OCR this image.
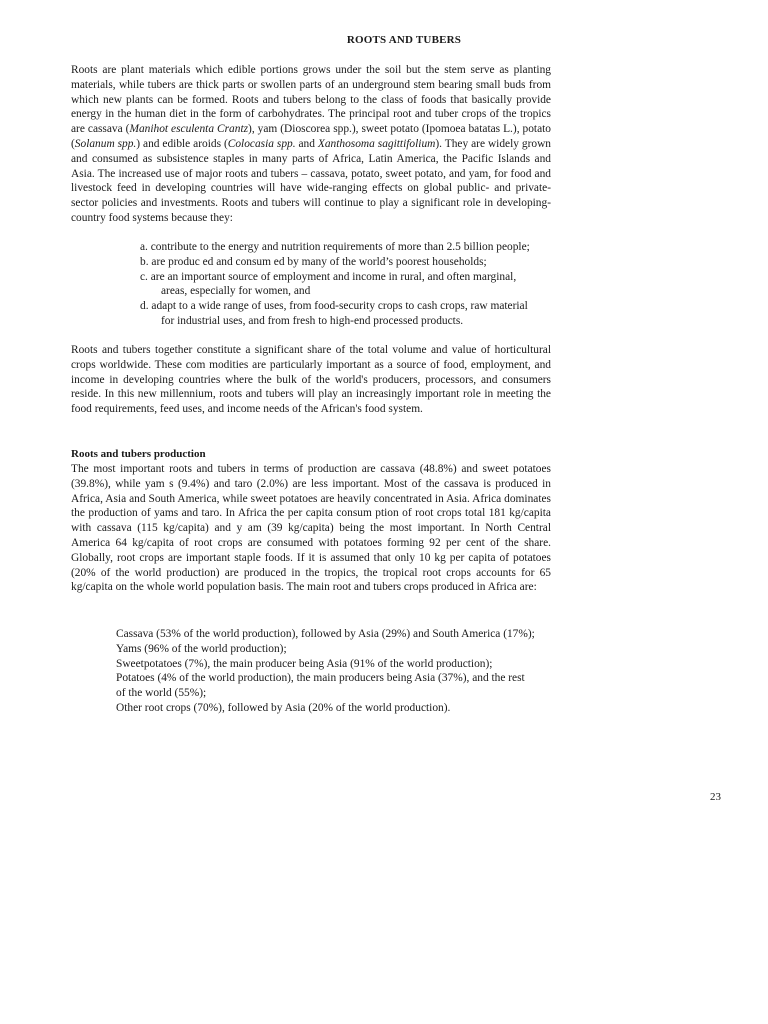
ROOTS AND TUBERS

Roots are plant materials which edible portions grows under the soil but the stem serve as planting materials, while tubers are thick parts or swollen parts of an underground stem bearing small buds from which new plants can be formed. Roots and tubers belong to the class of foods that basically provide energy in the human diet in the form of carbohydrates. The principal root and tuber crops of the tropics are cassava (Manihot esculenta Crantz), yam (Dioscorea spp.), sweet potato (Ipomoea batatas L.), potato (Solanum spp.) and edible aroids (Colocasia spp. and Xanthosoma sagittifolium). They are widely grown and consumed as subsistence staples in many parts of Africa, Latin America, the Pacific Islands and Asia. The increased use of major roots and tubers – cassava, potato, sweet potato, and yam, for food and livestock feed in developing countries will have wide-ranging effects on global public- and private-sector policies and investments. Roots and tubers will continue to play a significant role in developing-country food systems because they:

a. contribute to the energy and nutrition requirements of more than 2.5 billion people;
b. are produc ed and consum ed by many of the world’s poorest households;
c. are an important source of employment and income in rural, and often marginal,
areas, especially for women, and
d. adapt to a wide range of uses, from food-security crops to cash crops, raw material
for industrial uses, and from fresh to high-end processed products.

Roots and tubers together constitute a significant share of the total volume and value of horticultural crops worldwide. These com modities are particularly important as a source of food, employment, and income in developing countries where the bulk of the world's producers, processors, and consumers reside. In this new millennium, roots and tubers will play an increasingly important role in meeting the food requirements, feed uses, and income needs of the African's food system.

Roots and tubers production

The most important roots and tubers in terms of production are cassava (48.8%) and sweet potatoes (39.8%), while yam s (9.4%) and taro (2.0%) are less important. Most of the cassava is produced in Africa, Asia and South America, while sweet potatoes are heavily concentrated in Asia. Africa dominates the production of yams and taro. In Africa the per capita consum ption of root crops total 181 kg/capita with cassava (115 kg/capita) and y am (39 kg/capita) being the most important. In North Central America 64 kg/capita of root crops are consumed with potatoes forming 92 per cent of the share. Globally, root crops are important staple foods. If it is assumed that only 10 kg per capita of potatoes (20% of the world production) are produced in the tropics, the tropical root crops accounts for 65 kg/capita on the whole world population basis. The main root and tubers crops produced in Africa are:

Cassava (53% of the world production), followed by Asia (29%) and South America (17%);
Yams (96% of the world production);
Sweetpotatoes (7%), the main producer being Asia (91% of the world production);
Potatoes (4% of the world production), the main producers being Asia (37%), and the rest
of the world (55%);
Other root crops (70%), followed by Asia (20% of the world production).
23
